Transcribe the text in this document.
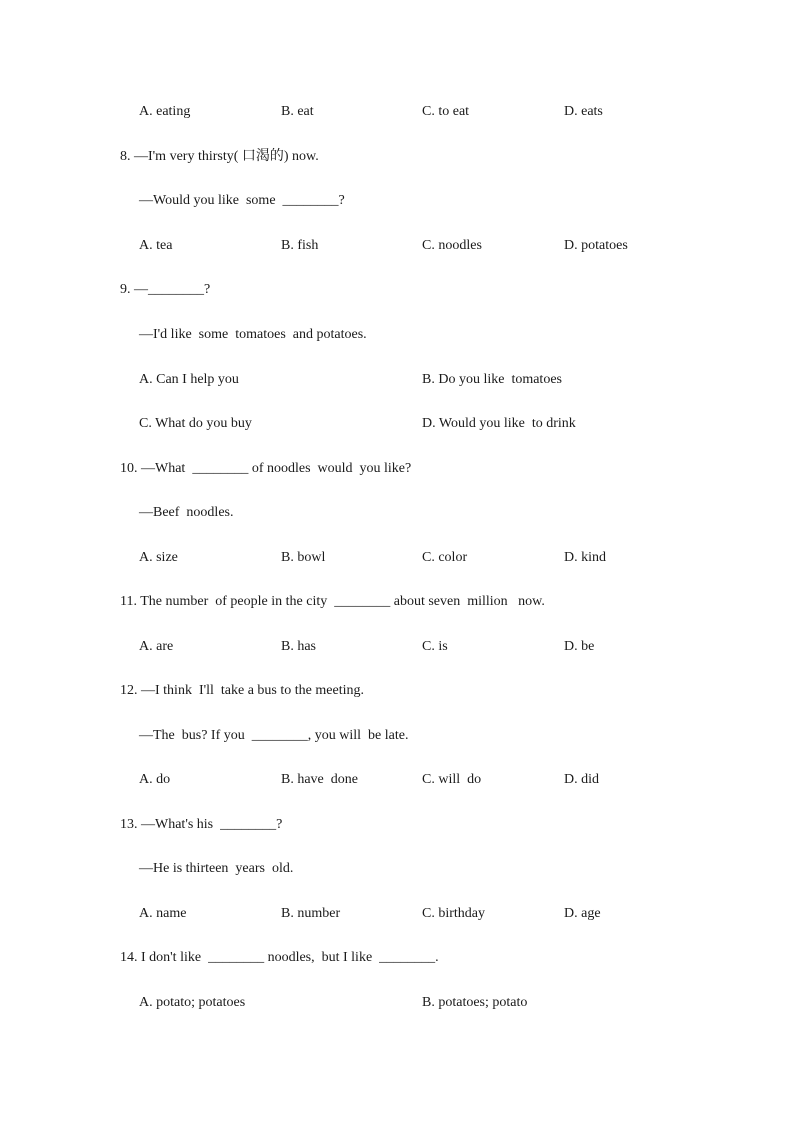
A. eating	B. eat	C. to eat	D. eats
8. —I'm very thirsty( 口渴的) now.
—Would you like  some  ________?
A. tea	B. fish	C. noodles	D. potatoes
9. —________?
—I'd like  some  tomatoes  and potatoes.
A. Can I help you	B. Do you like  tomatoes
C. What do you buy	D. Would you like  to drink
10. —What  ________ of noodles  would  you like?
—Beef  noodles.
A. size	B. bowl	C. color	D. kind
11. The number  of people in the city  ________ about seven  million   now.
A. are	B. has	C. is	D. be
12. —I think  I'll  take a bus to the meeting.
—The  bus? If you  ________, you will  be late.
A. do	B. have  done	C. will  do	D. did
13. —What's his  ________?
—He is thirteen  years  old.
A. name	B. number	C. birthday	D. age
14. I don't like  ________ noodles,  but I like  ________.
A. potato; potatoes	B. potatoes; potato
